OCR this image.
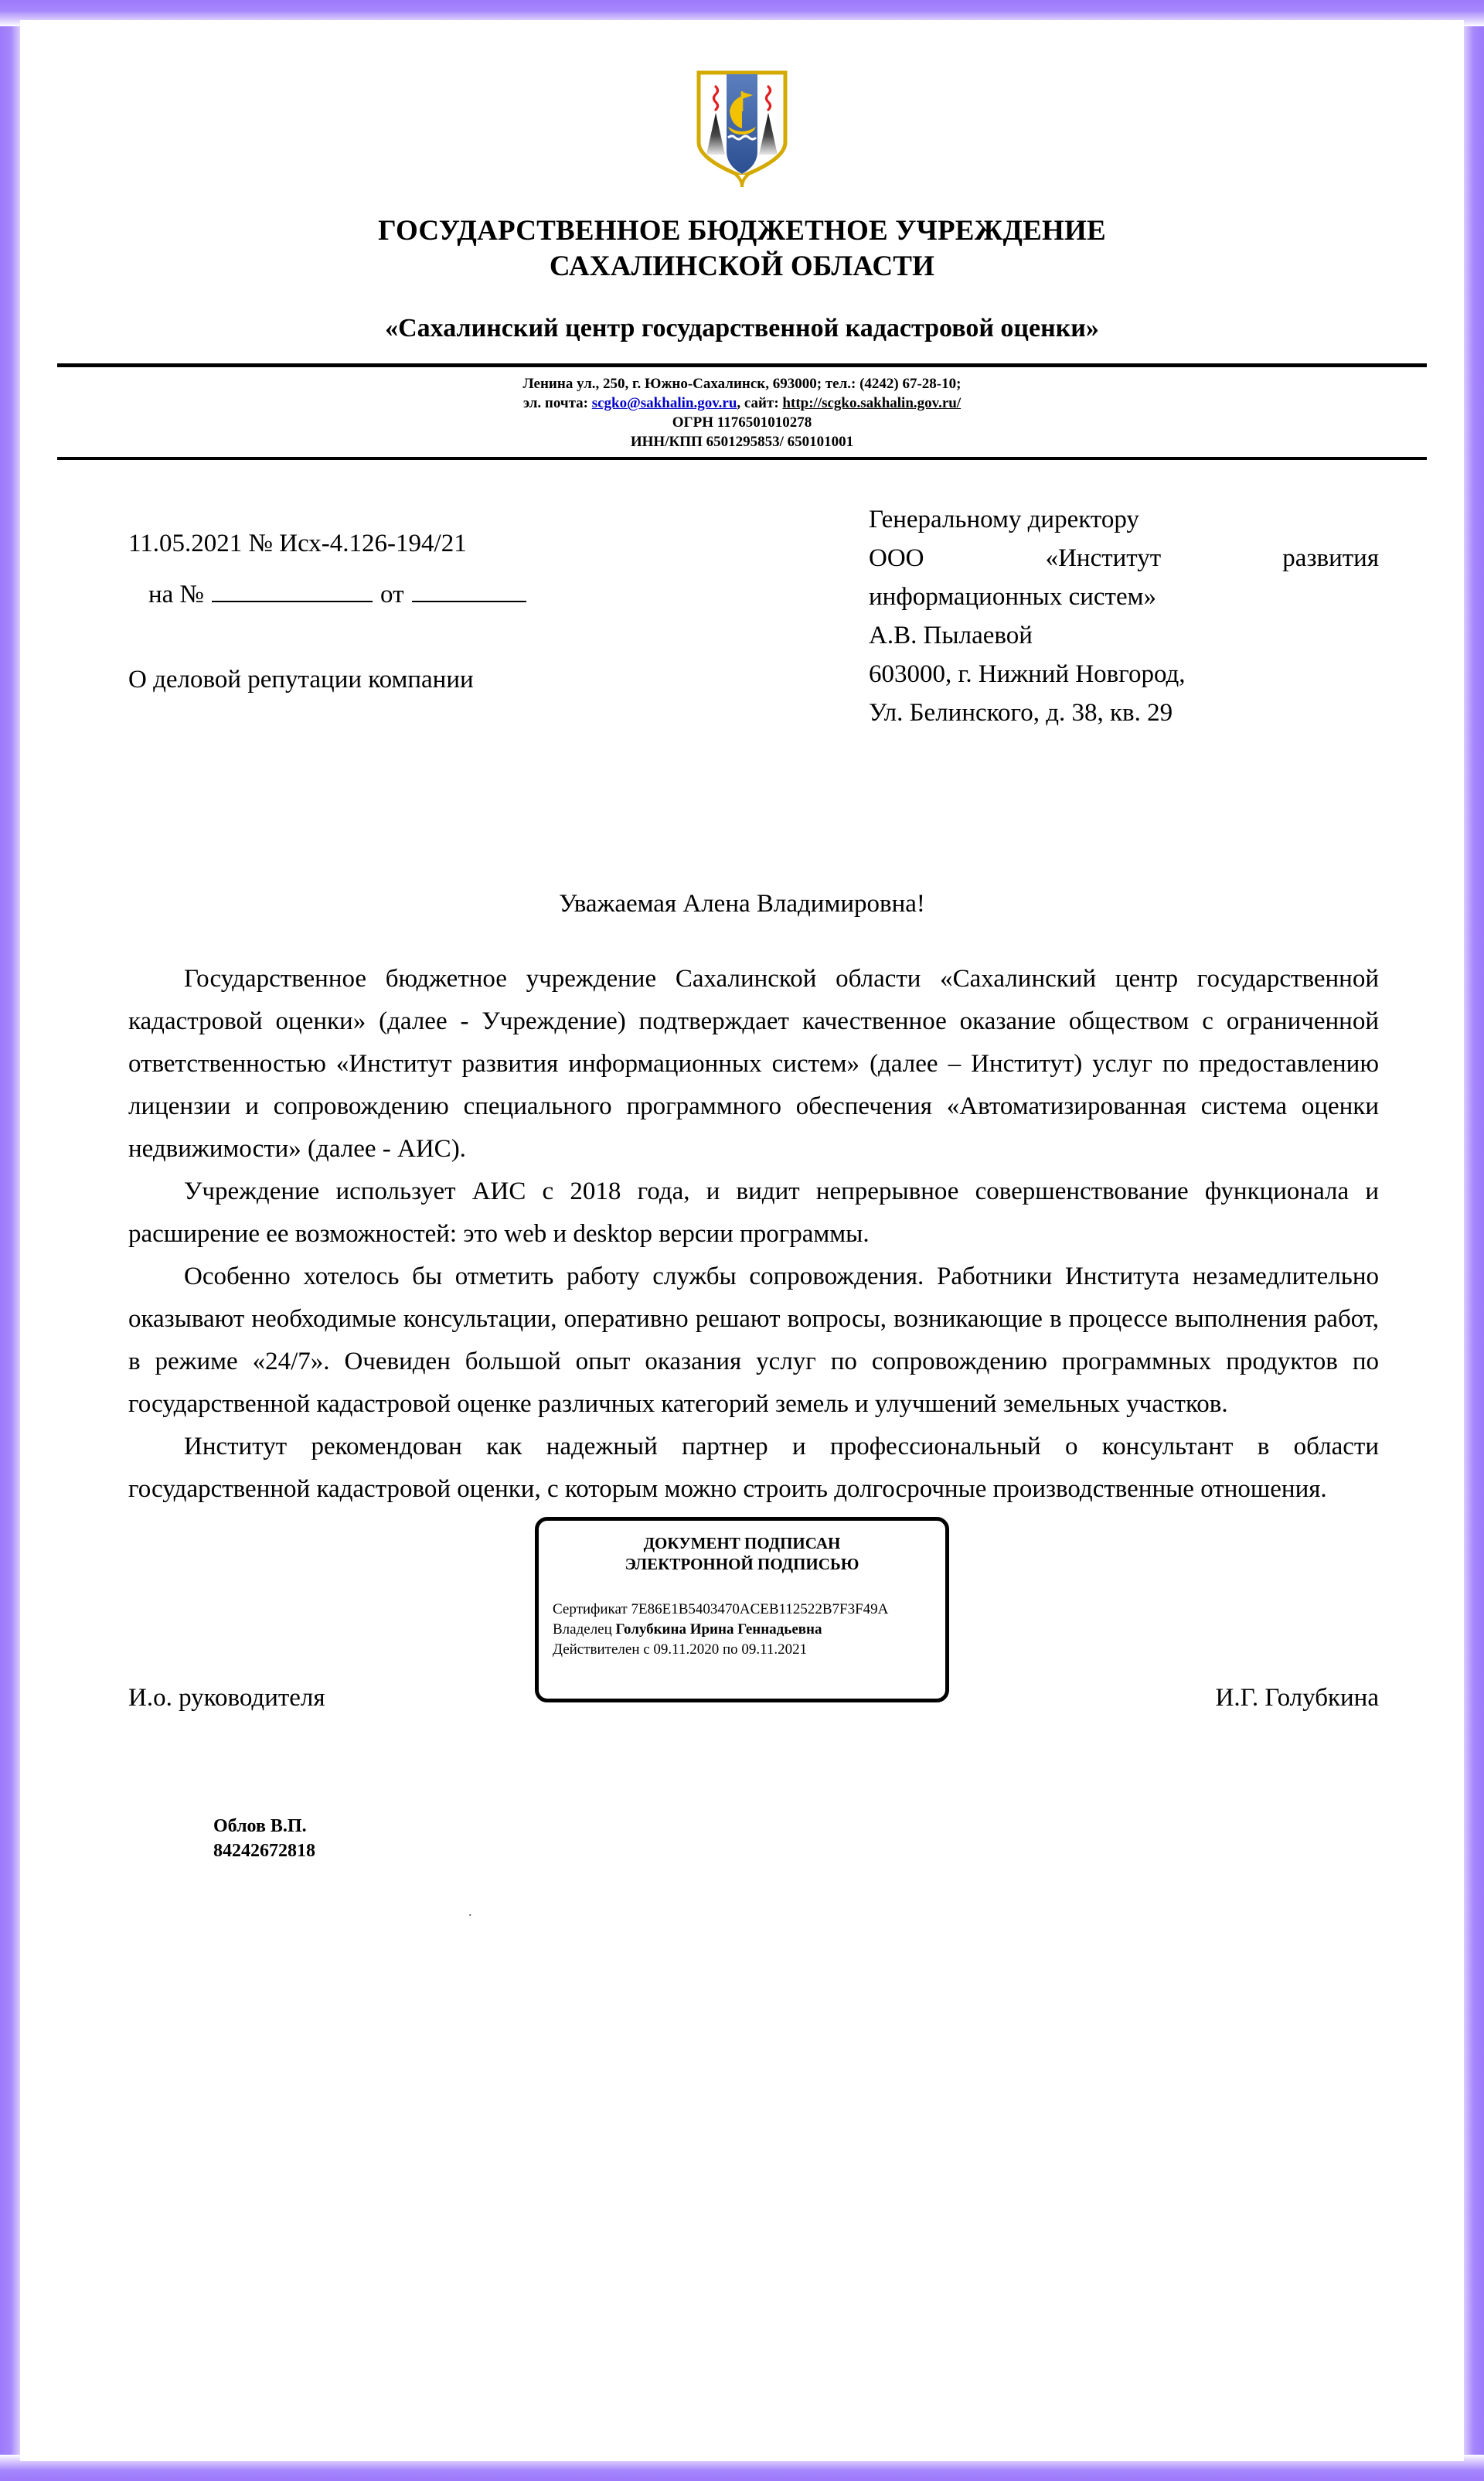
ГОСУДАРСТВЕННОЕ БЮДЖЕТНОЕ УЧРЕЖДЕНИЕ
САХАЛИНСКОЙ ОБЛАСТИ
«Сахалинский центр государственной кадастровой оценки»
Ленина ул., 250, г. Южно-Сахалинск, 693000; тел.: (4242) 67-28-10;
эл. почта: scgko@sakhalin.gov.ru, сайт: http://scgko.sakhalin.gov.ru/
ОГРН 1176501010278
ИНН/КПП 6501295853/ 650101001
11.05.2021 № Исх-4.126-194/21
на №	от
О деловой репутации компании
Генеральному директору
ООО «Институт развития
информационных систем»
А.В. Пылаевой
603000, г. Нижний Новгород,
Ул. Белинского, д. 38, кв. 29
Уважаемая Алена Владимировна!

Государственное бюджетное учреждение Сахалинской области «Сахалинский центр государственной кадастровой оценки» (далее - Учреждение) подтверждает качественное оказание обществом с ограниченной ответственностью «Институт развития информационных систем» (далее – Институт) услуг по предоставлению лицензии и сопровождению специального программного обеспечения «Автоматизированная система оценки недвижимости» (далее - АИС).

Учреждение использует АИС с 2018 года, и видит непрерывное совершенствование функционала и расширение ее возможностей: это web и desktop версии программы.

Особенно хотелось бы отметить работу службы сопровождения. Работники Института незамедлительно оказывают необходимые консультации, оперативно решают вопросы, возникающие в процессе выполнения работ, в режиме «24/7». Очевиден большой опыт оказания услуг по сопровождению программных продуктов по государственной кадастровой оценке различных категорий земель и улучшений земельных участков.

Институт рекомендован как надежный партнер и профессиональный о консультант в области государственной кадастровой оценки, с которым можно строить долгосрочные производственные отношения.

И.о. руководителя
ДОКУМЕНТ ПОДПИСАН
ЭЛЕКТРОННОЙ ПОДПИСЬЮ
Сертификат 7E86E1B5403470ACEB112522B7F3F49A
Владелец Голубкина Ирина Геннадьевна
Действителен с 09.11.2020 по 09.11.2021
И.Г. Голубкина
Облов В.П.
84242672818
.
